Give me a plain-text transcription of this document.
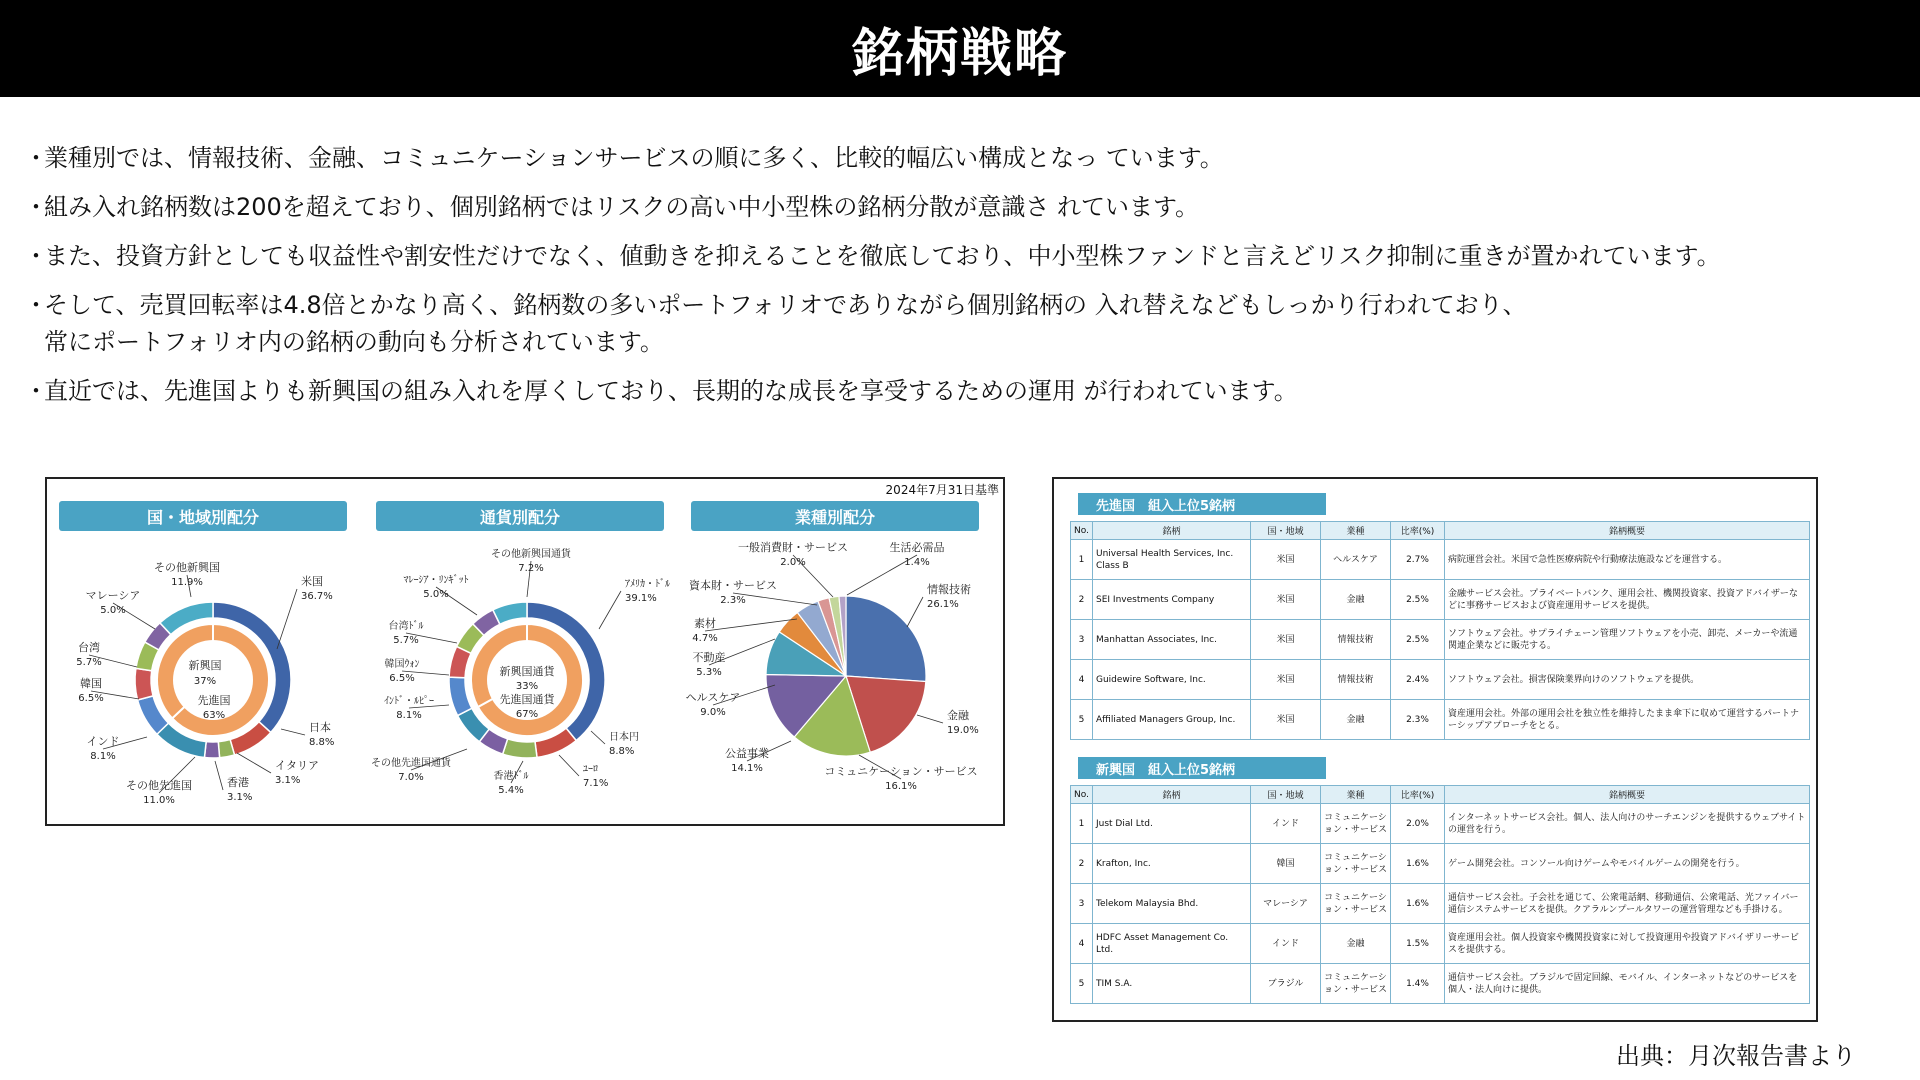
銘柄戦略
・ 業種別では、情報技術、金融、コミュニケーションサービスの順に多く、比較的幅広い構成となっ ています。
・ 組み入れ銘柄数は200を超えており、個別銘柄ではリスクの高い中小型株の銘柄分散が意識さ れています。
・ また、投資方針としても収益性や割安性だけでなく、値動きを抑えることを徹底しており、中小型株ファンドと言えどリスク抑制に重きが置かれています。
・ そして、売買回転率は4.8倍とかなり高く、銘柄数の多いポートフォリオでありながら個別銘柄の 入れ替えなどもしっかり行われており、
常にポートフォリオ内の銘柄の動向も分析されています。
・ 直近では、先進国よりも新興国の組み入れを厚くしており、長期的な成長を享受するための運用 が行われています。
2024年7月31日基準
国・地域別配分	通貨別配分	業種別配分
新興国
37%
先進国
63%
米国
36.7%
日本
8.8%
イタリア
3.1%
香港
3.1%
その他先進国
11.0%
インド
8.1%
韓国
6.5%
台湾
5.7%
マレーシア
5.0%
その他新興国
11.9%
新興国通貨
33%
先進国通貨
67%
ｱﾒﾘｶ・ﾄﾞﾙ
39.1%
日本円
8.8%
ﾕｰﾛ
7.1%
香港ﾄﾞﾙ
5.4%
その他先進国通貨
7.0%
ｲﾝﾄﾞ・ﾙﾋﾟｰ
8.1%
韓国ｳｫﾝ
6.5%
台湾ﾄﾞﾙ
5.7%
ﾏﾚｰｼｱ・ﾘﾝｷﾞｯﾄ
5.0%
その他新興国通貨
7.2%
情報技術
26.1%
金融
19.0%
コミュニケーション・サービス
16.1%
公益事業
14.1%
ヘルスケア
9.0%
不動産
5.3%
素材
4.7%
資本財・サービス
2.3%
一般消費財・サービス
2.0%
生活必需品
1.4%
先進国　組入上位5銘柄
No.	銘柄	国・地域	業種	比率(%)	銘柄概要
1	Universal Health Services, Inc. Class B	米国	ヘルスケア	2.7%	病院運営会社。米国で急性医療病院や行動療法施設などを運営する。
2	SEI Investments Company	米国	金融	2.5%	金融サービス会社。プライベートバンク、運用会社、機関投資家、投資アドバイザーなどに事務サービスおよび資産運用サービスを提供。
3	Manhattan Associates, Inc.	米国	情報技術	2.5%	ソフトウェア会社。サプライチェーン管理ソフトウェアを小売、卸売、メーカーや流通関連企業などに販売する。
4	Guidewire Software, Inc.	米国	情報技術	2.4%	ソフトウェア会社。損害保険業界向けのソフトウェアを提供。
5	Affiliated Managers Group, Inc.	米国	金融	2.3%	資産運用会社。外部の運用会社を独立性を維持したまま傘下に収めて運営するパートナーシップアプローチをとる。
新興国　組入上位5銘柄
No.	銘柄	国・地域	業種	比率(%)	銘柄概要
1	Just Dial Ltd.	インド	コミュニケーション・サービス	2.0%	インターネットサービス会社。個人、法人向けのサーチエンジンを提供するウェブサイトの運営を行う。
2	Krafton, Inc.	韓国	コミュニケーション・サービス	1.6%	ゲーム開発会社。コンソール向けゲームやモバイルゲームの開発を行う。
3	Telekom Malaysia Bhd.	マレーシア	コミュニケーション・サービス	1.6%	通信サービス会社。子会社を通じて、公衆電話網、移動通信、公衆電話、光ファイバー通信システムサービスを提供。クアラルンプールタワーの運営管理なども手掛ける。
4	HDFC Asset Management Co. Ltd.	インド	金融	1.5%	資産運用会社。個人投資家や機関投資家に対して投資運用や投資アドバイザリーサービスを提供する。
5	TIM S.A.	ブラジル	コミュニケーション・サービス	1.4%	通信サービス会社。ブラジルで固定回線、モバイル、インターネットなどのサービスを個人・法人向けに提供。
出典：月次報告書より
